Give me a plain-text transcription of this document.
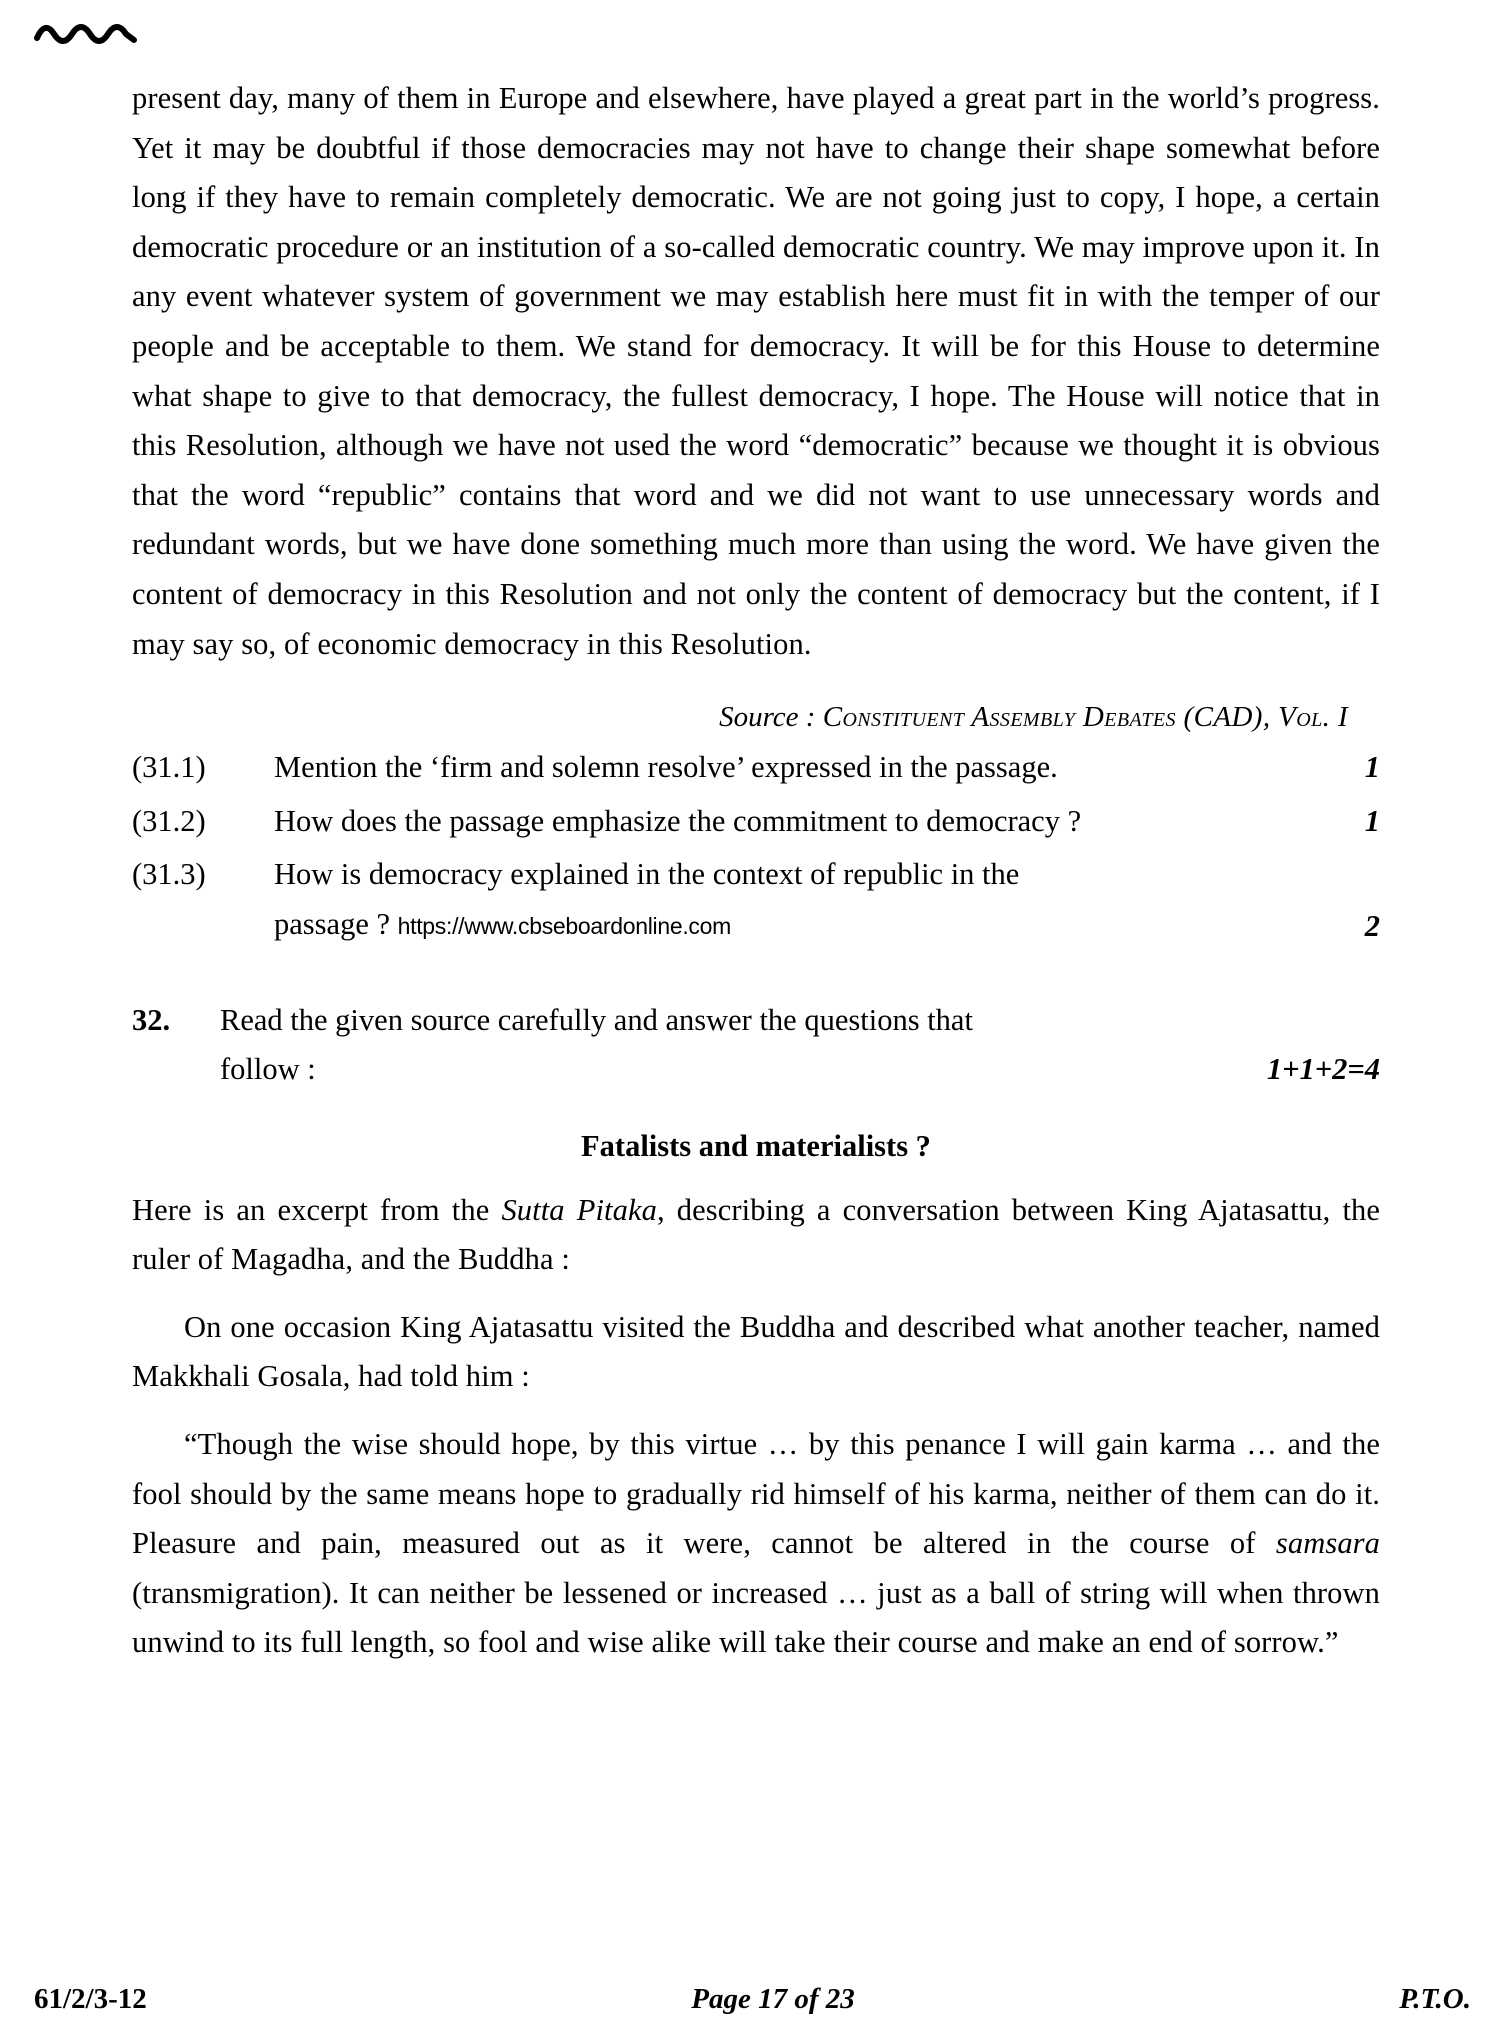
present day, many of them in Europe and elsewhere, have played a great part in the world’s progress. Yet it may be doubtful if those democracies may not have to change their shape somewhat before long if they have to remain completely democratic. We are not going just to copy, I hope, a certain democratic procedure or an institution of a so-called democratic country. We may improve upon it. In any event whatever system of government we may establish here must fit in with the temper of our people and be acceptable to them. We stand for democracy. It will be for this House to determine what shape to give to that democracy, the fullest democracy, I hope. The House will notice that in this Resolution, although we have not used the word “democratic” because we thought it is obvious that the word “republic” contains that word and we did not want to use unnecessary words and redundant words, but we have done something much more than using the word. We have given the content of democracy in this Resolution and not only the content of democracy but the content, if I may say so, of economic democracy in this Resolution.

Source : Constituent Assembly Debates (CAD), Vol. I
(31.1)	Mention the ‘firm and solemn resolve’ expressed in the passage.	1
(31.2)	How does the passage emphasize the commitment to democracy ?	1
(31.3)	How is democracy explained in the context of republic in the
passage ? https://www.cbseboardonline.com	2
32.	Read the given source carefully and answer the questions that
follow :	1+1+2=4
Fatalists and materialists ?

Here is an excerpt from the Sutta Pitaka, describing a conversation between King Ajatasattu, the ruler of Magadha, and the Buddha :

On one occasion King Ajatasattu visited the Buddha and described what another teacher, named Makkhali Gosala, had told him :

“Though the wise should hope, by this virtue … by this penance I will gain karma … and the fool should by the same means hope to gradually rid himself of his karma, neither of them can do it. Pleasure and pain, measured out as it were, cannot be altered in the course of samsara (transmigration). It can neither be lessened or increased … just as a ball of string will when thrown unwind to its full length, so fool and wise alike will take their course and make an end of sorrow.”

61/2/3-12	Page 17 of 23	P.T.O.
